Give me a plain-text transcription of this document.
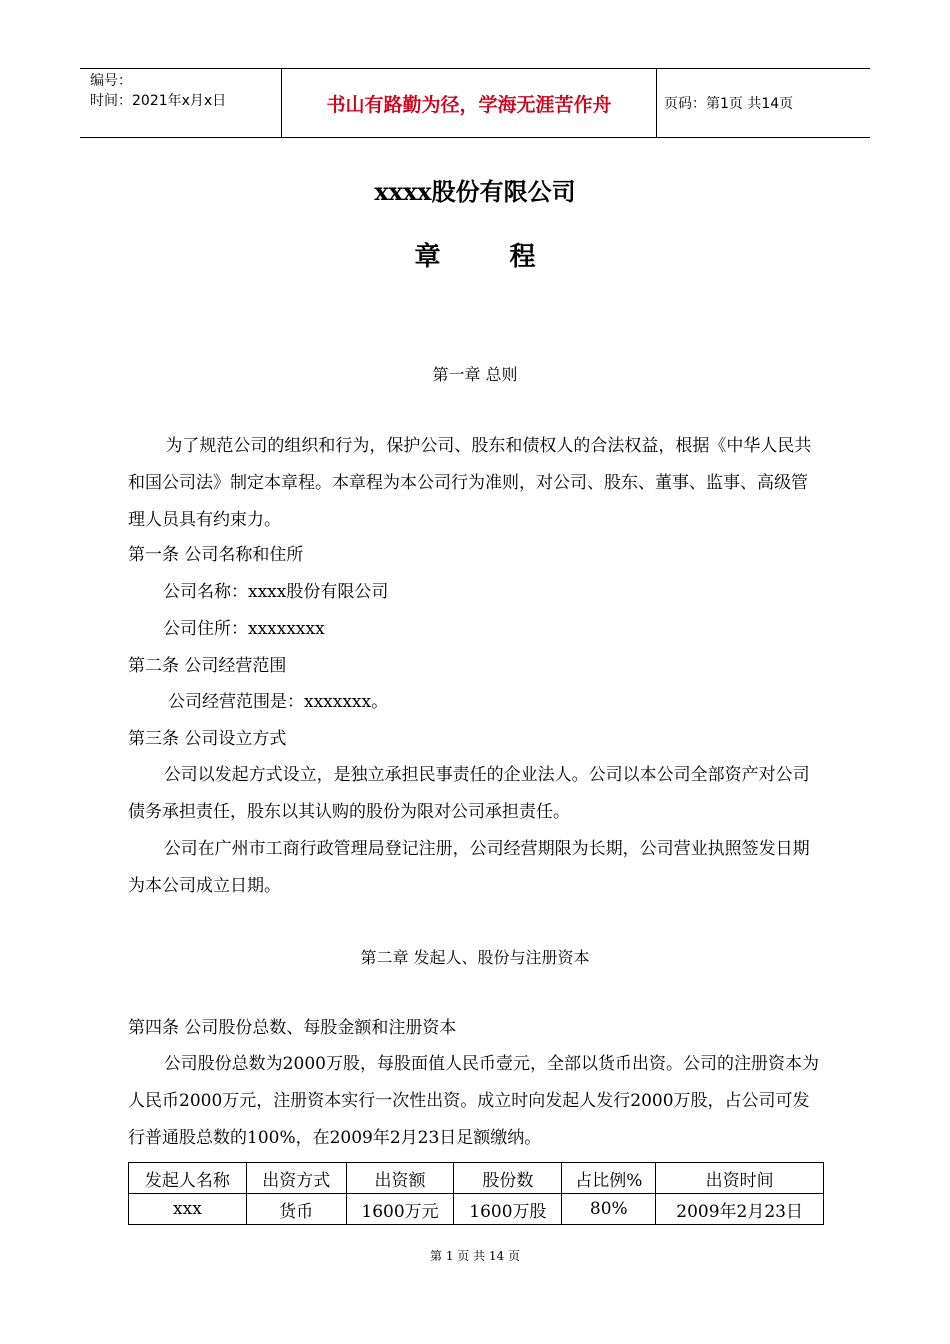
编号：
时间：2021年x月x日	书山有路勤为径，学海无涯苦作舟	页码：第1页 共14页
xxxx股份有限公司
章 程
第一章 总则
为了规范公司的组织和行为，保护公司、股东和债权人的合法权益，根据《中华人民共和国公司法》制定本章程。本章程为本公司行为准则，对公司、股东、董事、监事、高级管理人员具有约束力。
第一条 公司名称和住所
公司名称：xxxx股份有限公司
公司住所：xxxxxxxx
第二条 公司经营范围
公司经营范围是：xxxxxxx。
第三条 公司设立方式
公司以发起方式设立，是独立承担民事责任的企业法人。公司以本公司全部资产对公司债务承担责任，股东以其认购的股份为限对公司承担责任。
公司在广州市工商行政管理局登记注册，公司经营期限为长期，公司营业执照签发日期为本公司成立日期。
第二章 发起人、股份与注册资本
第四条 公司股份总数、每股金额和注册资本
公司股份总数为2000万股，每股面值人民币壹元，全部以货币出资。公司的注册资本为人民币2000万元，注册资本实行一次性出资。成立时向发起人发行2000万股，占公司可发行普通股总数的100%，在2009年2月23日足额缴纳。
发起人名称	出资方式	出资额	股份数	占比例%	出资时间
xxx	货币	1600万元	1600万股	80%	2009年2月23日
第 1 页 共 14 页
